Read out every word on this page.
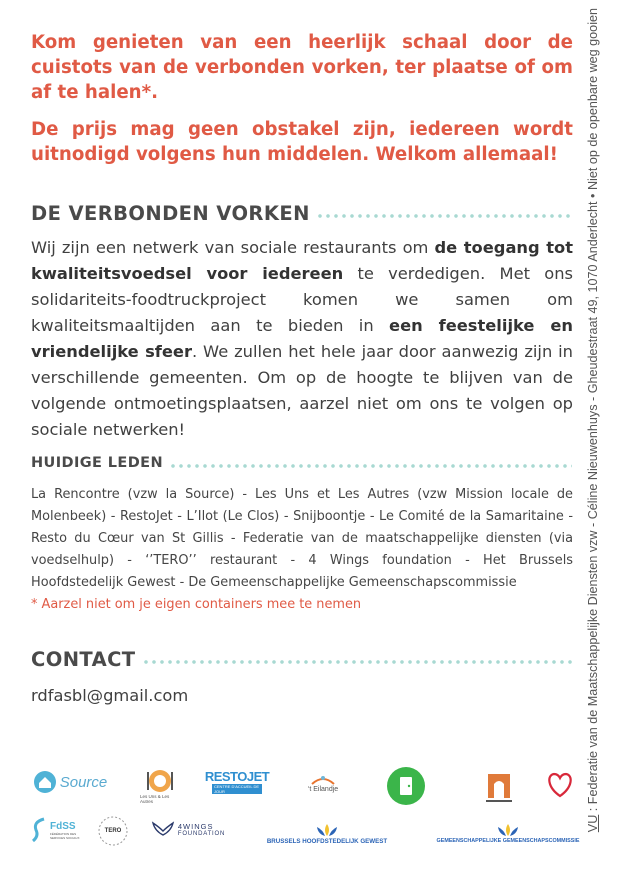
Kom genieten van een heerlijk schaal door de cuistots van de verbonden vorken, ter plaatse of om af te halen*.

De prijs mag geen obstakel zijn, iedereen wordt uitnodigd volgens hun middelen. Welkom allemaal!

DE VERBONDEN VORKEN

Wij zijn een netwerk van sociale restaurants om de toegang tot kwaliteitsvoedsel voor iedereen te verdedigen. Met ons solidariteits-foodtruckproject komen we samen om kwaliteitsmaaltijden aan te bieden in een feestelijke en vriendelijke sfeer. We zullen het hele jaar door aanwezig zijn in verschillende gemeenten. Om op de hoogte te blijven van de volgende ontmoetingsplaatsen, aarzel niet om ons te volgen op sociale netwerken!

HUIDIGE LEDEN

La Rencontre (vzw la Source) - Les Uns et Les Autres (vzw Mission locale de Molenbeek) - RestoJet - L’Ilot (Le Clos) - Snijboontje - Le Comité de la Samaritaine - Resto du Cœur van St Gillis - Federatie van de maatschappelijke diensten (via voedselhulp) - ‘’TERO’’ restaurant - 4 Wings foundation - Het Brussels Hoofdstedelijk Gewest - De Gemeenschappelijke Gemeenschapscommissie

* Aarzel niet om je eigen containers mee te nemen

CONTACT

rdfasbl@gmail.com

VU : Federatie van de Maatschappelijke Diensten vzw - Céline Nieuwenhuys - Gheudestraat 49, 1070 Anderlecht • Niet op de openbare weg gooien
Source
Les Uns & Les Autres
RESTOJET
CENTRE D'ACCUEIL DE JOUR	‘t Eilandje
FdSS
FÉDÉRATION DES SERVICES SOCIAUX
TERO
4WINGS
FOUNDATION
BRUSSELS HOOFDSTEDELIJK GEWEST	GEMEENSCHAPPELIJKE GEMEENSCHAPSCOMMISSIE
